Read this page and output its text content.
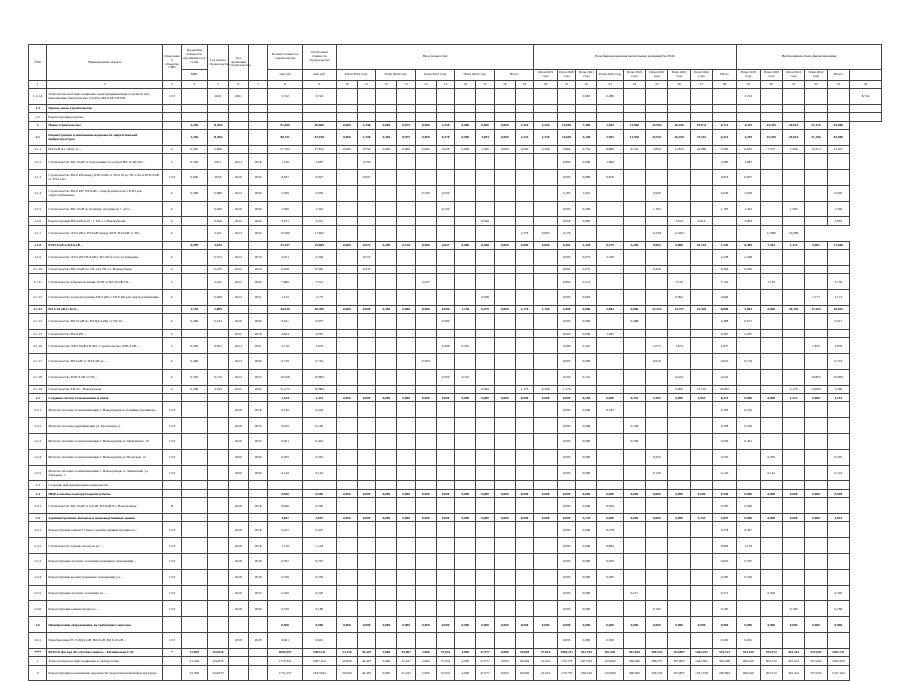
№№	Наименование объекта	Отнесение к объектам СИП	Проектная мощность/протяженность сетей	Год начала строительства	Год окончания строительства		Полная стоимость строительства	Остаточная стоимость строительства	Ввод мощностей										План финансирования капитальных вложений без НДС									Необходимый объем финансирования					
			МВт				млн руб	млн руб	План 2019 года		План 2020 года		План 2021 года		План 2022 года		Итого		План 2019 года	План 2020 года	План 2021 года	План 2022 года	План 2019 года	План 2020 года	План 2021 года	План 2022 года	Итого	План 2019 года	План 2020 года	План 2021 года	План 2022 года	Итого	
1	2	3	4	5	6	7	8	9	10	11	12	13	14	15	16	17	18	19	20	21	22	23	24	25	26	27	28	29	30	31	32	33	34
1.1.2.4	Технологическое присоединение энергопринимающих устройств для выполнения электрических сетей на ВЛ-6 кВ ТП-604	С/П		2022	2021		3,742	3,742													0,093	0,086						3,742					8,742
1.4	Прочее, ниже строительство																																
1.5	Реконструкция и ремонт																																
2	Новое строительство		2,256	11,802			91,460	90,800	0,000	1,258	0,000	8,075	0,000	1,258	0,000	0,000	0,000	1,510	2,230	15,682	7,400	1,562	13,960	23,993	26,440	1937,6	6,711	4,419	15,359	29,610	51,119	95,000	
2.1	Реконструкция и повышение надежности энергетической инфраструктуры		2,256	11,802			80,511	81,198	0,000	1,258	0,450	8,075	0,000	0,278	0,000	3,093	0,000	2,223	2,230	15,682	4,338	2,992	13,930	23,947	26,439	72,541	6,314	3,249	15,359	29,610	51,196	83,000	
2.1.1	ВЛ 6 кВ ф.1 (Ф.6) от ...	С	0,950	5,690			27,702	27,815	0,000	0,750	0,000	0,000	0,000	0,508	0,000	1,500	0,000	2,650	3,360	5,664	2,752	6,880	6,722	2,854	11,852	22,980	3,360	6,667	7,375	7,366	13,373	27,917	
2.1.2	Строительство ВЛ-10 кВ от подстанции по ул.Кр.6 ВЛ-10 кВ ТП...	С	0,790	2011	2013	2018	1,136	1,987		0,790										0,060	0,096	1,680					1,680	1,987					
2.1.3	Строительство ВЛ-6 кВ между КТП-6 кВ от ТП-218 до ТП-1142 и КТП-6 кВ от ТП-1142...	С/П	0,990	2018	2019	2024	0,827	0,827		0,827										0,093	0,089	0,818					0,818	0,837					
2.1.4	Строительство ВЛ-6 кВ, ТП-6 кВ с трансформатором 1 КТП для энергоснабжения...	С	0,306	0,680	2012	2020	5,706	5,636					0,559	0,550						5,165	1,091			5,649			5,649	5,636				6,020	
2.1.5	Строительство ВЛ-10 кВ ф.10 между опорами ф-7 - ф-5...	С		6,260	2019	2020	1,360	1,361						0,150						0,093	0,290			1,183			1,183	1,361		1,560		1,360	
2.1.6	Реконструкция ВЛ-6 кВ ф.10 - 1 ТП-1 г. Новокузнецк	С		0,656	2012	2020	3,231	3,231								0,346				0,000	0,085				3,614	3,614		2,863				2,863	
2.1.7	Строительство ЛЭ-6 кВ и ТП-6 кВ между КТП ТП-6 кВ от ТП...	С		2,011	2013	2022	10,360	11,693										1,576	0,063	0,176				11,003	11,003				11,986	10,080			
2.1.8	КТП-6 кВ и ВЛ-6 кВ ...		0,999	4,185			35,157	25,609	0,000	0,973	0,200	0,128	0,000	2,627	0,000	0,468	0,000	0,000	0,000	6,401	2,326	6,479	3,250	9,994	6,890	10,142	7,344	6,409	7,381	1,172	9,091	27,646	
2.1.9	Строительство ЛЭ-6 кВ ТП-6 кВ в ТП-185 ф.5 по ул.Западная...	С		0,572	2012	2016	2,351	2,346		0,572										0,093	0,073	2,238					2,238	2,348					
2.1.10	Строительство ВЛ-10 кВ по ТП-14 в ТП-1 г. Новокузнецк	С		0,235	2012	2019	0,458	0,506		0,235										0,063	0,075			0,456			0,456	0,595					
2.1.11	Строительство кабельной линии 10 кВ от ВЛ-10 кВ ТП...	С		2,452	2012	2020	7,890	7,512					2,527							0,063	2,521				7,150		7,150		7,150			7,150	
2.1.12	Строительство и реконструкция ТП-6 кВ от ТП-6 кВ для электроснабжения...	С		0,468	2012	2021	1,125	1,173								0,468				0,093	0,063				0,994		0,994				1,173	1,173	
2.1.13	ВЛ 6-10 кВ (1 КЛ) ...		1,156	2,085			40,610	40,490	0,000	0,000	0,450	0,000	0,000	0,000	1,156	0,479	0,000	1,176	1,756	5,400	0,000	2,883	0,000	12,219	14,757	19,340	8,800	3,801	0,000	26,104	17,204	46,091	
2.1.14	Строительство ВЛ 10 кВ по ТП-6(0,4 кВ) от ТП-20...	С	0,260	0,443	2019	2020	0,611	0,637						0,260						0,093	0,066		0,488				0,488	0,617				0,617	
2.1.15	Строительство ВЛ-6 кВ ...	С			2012	2018	2,824	2,297												0,063	0,099	1,965					1,965	2,297					
2.1.16	Строительство ЛЭП 10кВ ТП-801. Строительство ЛЭП-6 кВ...	С	0,300	0,361	2013	2021	2,118	1,976						0,308	0,361					0,280	0,361			1,075	1,675		1,675				1,876	1,876	
2.1.17	Строительство ВЛ 6 кВ от ТП-6 кВ до ...	С	0,400		2013	2020	0,719	0,719					0,400							0,003	0,009			0,619			0,619	0,719				0,719	
2.1.18	Строительство КТП-6 кВ от ТП-...	С	0,350	0,110	2012	2023	10,258	10,863						0,350	0,110					0,250	0,110				9,224		9,224				10,863	10,863	
2.1.19	Строительство ТП-22 - Новокузнецк	С	0,306	4,193	2015	2022	31,175	30,866								0,306		1,176	6,369	1,176					0,600	14,570	25,867			1,176	14,000	1,260	
2.2	Создание систем телемеханики и связи						1,344	1,441	0,000	0,000	0,000	0,000	0,000	0,000	0,000	0,000	0,000	0,000	0,000	0,000	0,183	0,000	0,333	3,183	0,000	1,053	0,215	0,000	0,000	1,213	0,000	3,191	
2.2.1	Монтаж системы телемеханизации г. Новокузнецк на Административном...	С/П			2018	2018	0,216	0,216												0,093	0,090	0,183					0,183	0,216					
2.2.2	Монтаж системы радиофикации ул. Кросмачка, д.	С/П			2018	2019	0,109	0,109												0,093	0,098		0,108				0,108	0,109					
2.2.3	Монтаж системы телемеханизации г. Новокузнецк ул. Максимова, 10	С/П			2019	2019	0,401	0,401												0,093	0,090		0,339				0,339	0,401					
2.2.4	Монтаж системы телемеханизации г. Новокузнецк ул. Вольская, 12	С/П			2020	2020	0,295	0,295												0,093	0,090			0,250			0,250		0,295			0,295	
2.2.5	Монтаж системы телемеханизации г. Новокузнецк, п. Ленинский, ул. Западная, 1	С/П			2020	2020	0,142	0,142												0,093	0,090			0,120			0,120		0,142			0,142	
2.3	Создание информационных компонентов																																
2.4	НИР и опытно-конструкторские работы						0,590	0,590	0,000	0,000	0,000	0,000	0,000	0,000	0,000	0,000	0,000	0,000	0,000	0,000	0,000	0,000	0,000	0,000	0,000	0,000	0,590	0,000	0,000	0,000	0,000	0,590	
2.4.1	Строительство ВЛ-10 кВ от п.6 кВ ТП-6 кВ-9 г. Новокузнецк	П			2018	2018	0,590	0,590												0,093	0,090	0,500					0,500	0,590					
2.5	Административно-бытовые и производственные здания						3,697	3,697	0,000	0,000	0,000	0,000	0,000	0,000	0,000	0,000	0,000	0,000	0,000	0,000	3,133	0,000	0,000	0,000	0,000	3,133	3,697	0,000	0,000	0,000	0,000	3,697	
2.5.1	Реконструкция здания 3 этажа в здании административного...	С/П			2018	2018	0,427	0,427												0,093	0,090	0,378					0,378	0,427					
2.5.2	Строительство здания склада на ул. ...	С/П			2018	2018	1,118	1,118												0,093	0,090	0,894					0,894	1,118					
2.5.3	Реконструкция системы отопления (гаражные помещения)...	С/П			2018	2018	0,767	0,767												0,093	0,090	0,650					0,650	0,767					
2.5.4	Реконструкция кровли (гаражные помещения) ул. ...	С/П			2018	2018	0,336	0,336												0,093	0,090	0,285					0,285	0,336					
2.5.5	Реконструкция системы отопления ул. ...	С/П			2019	2019	0,320	0,320												0,093	0,090		0,271				0,271		0,320			0,320	
2.5.6	Реконструкция здания гаража по ...	С/П			2018	2020	0,189	0,189												0,093	0,090			0,160			0,160			0,189		0,189	
2.6	Приобретение оборудования, не требующего монтажа						0,960	0,960	0,000	0,000	0,000	0,000	0,000	0,000	0,000	0,000	0,000	0,000	0,000	0,000	0,000	0,000	0,000	0,000	0,000	0,000	0,960	0,000	0,000	0,000	0,000	0,960	
2.6.1	Приобретение РТ-Т-6(6,4) кВ. ВЛ-6 кВ, ВЛ 6-10 кВ ...	С/П			2018	2018	0,601	0,601												0,093	0,090	0,509					0,509	0,601					
****	ВСЕГО ф/в вод АО «Кузбассэнерго» - Регионально ГЭС	*	27,830	254,810			2004,997	1963,211	23,120	55,407	2,600	55,067	2,600	57,041	4,000	47,077	0,000	29,056	27,810	1963,211	451,783	301,381	301,639	304,543	303,867	1462,331	533,113	354,150	355,472	361,413	357,645	1962,211	
1	Технологическое присоединение к электросетям		21,326	224,879			1770,331	1907,104	20,630	44,497	0,000	31,247	2,600	57,041	4,000	47,077	0,000	29,656	21,010	174,779	297,794	235,660	300,620	386,272	307,867	1424,591	381,298	296,240	303,172	361,413	357,645	1692,584	
2	Реконструкция и повышение надежности энергетической инфраструктуры		22,306	224,879			1731,557	1847,694	20,630	44,497	0,000	31,247	2,600	57,041	4,000	47,077	0,000	29,656	21,010	174,779	236,016	233,660	300,620	304,543	303,867	1331,579	293,894	296,240	303,172	361,413	357,645	1547,164	
